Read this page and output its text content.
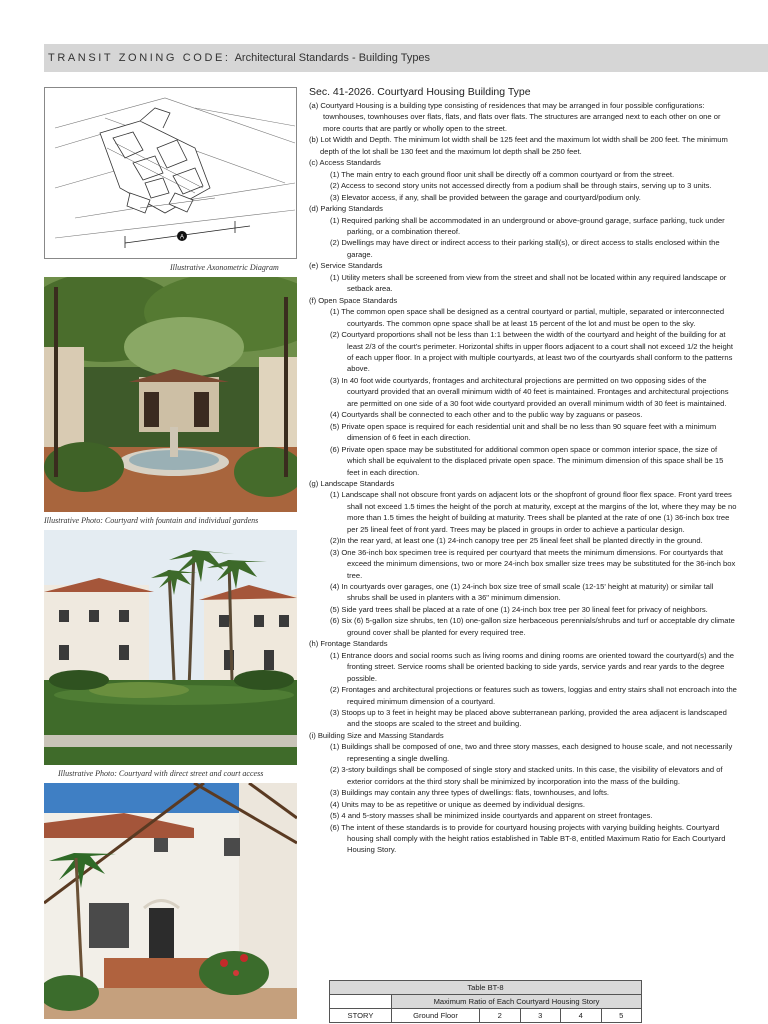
TRANSIT ZONING CODE: Architectural Standards - Building Types
A
Illustrative Axonometric Diagram
Illustrative Photo: Courtyard with fountain and individual gardens
Illustrative Photo: Courtyard with direct street and court access
Sec. 41-2026. Courtyard Housing Building Type
(a) Courtyard Housing is a building type consisting of residences that may be arranged in four possible configurations: townhouses, townhouses over flats, flats, and flats over flats. The structures are arranged next to each other on one or more courts that are partly or wholly open to the street.
(b) Lot Width and Depth. The minimum lot width shall be 125 feet and the maximum lot width shall be 200 feet. The minimum depth of the lot shall be 130 feet and the maximum lot depth shall be 250 feet.
(c) Access Standards
(1) The main entry to each ground floor unit shall be directly off a common courtyard or from the street.
(2) Access to second story units not accessed directly from a podium shall be through stairs, serving up to 3 units.
(3) Elevator access, if any, shall be provided between the garage and courtyard/podium only.
(d) Parking Standards
(1) Required parking shall be accommodated in an underground or above-ground garage, surface parking, tuck under parking, or a combination thereof.
(2) Dwellings may have direct or indirect access to their parking stall(s), or direct access to stalls enclosed within the garage.
(e) Service Standards
(1) Utility meters shall be screened from view from the street and shall not be located within any required landscape or setback area.
(f) Open Space Standards
(1) The common open space shall be designed as a central courtyard or partial, multiple, separated or interconnected courtyards. The common opne space shall be at least 15 percent of the lot and must be open to the sky.
(2) Courtyard proportions shall not be less than 1:1 between the width of the courtyard and height of the building for at least 2/3 of the court's perimeter. Horizontal shifts in upper floors adjacent to a court shall not exceed 1/2 the height of each upper floor. In a project with multiple courtyards, at least two of the courtyards shall conform to the patterns above.
(3) In 40 foot wide courtyards, frontages and architectural projections are permitted on two opposing sides of the courtyard provided that an overall minimum width of 40 feet is maintained. Frontages and architectural projections are permitted on one side of a 30 foot wide courtyard provided an overall minimum width of 30 feet is maintained.
(4) Courtyards shall be connected to each other and to the public way by zaguans or paseos.
(5) Private open space is required for each residential unit and shall be no less than 90 square feet with a minimum dimension of 6 feet in each direction.
(6) Private open space may be substituted for additional common open space or common interior space, the size of which shall be equivalent to the displaced private open space. The minimum dimension of this space shall be 15 feet in each direction.
(g) Landscape Standards
(1) Landscape shall not obscure front yards on adjacent lots or the shopfront of ground floor flex space. Front yard trees shall not exceed 1.5 times the height of the porch at maturity, except at the margins of the lot, where they may be no more than 1.5 times the height of building at maturity. Trees shall be planted at the rate of one (1) 36-inch box tree per 25 lineal feet of front yard. Trees may be placed in groups in order to achieve a particular design.
(2)In the rear yard, at least one (1) 24-inch canopy tree per 25 lineal feet shall be planted directly in the ground.
(3) One 36-inch box specimen tree is required per courtyard that meets the minimum dimensions. For courtyards that exceed the minimum dimensions, two or more 24-inch box smaller size trees may be substituted for the 36-inch box tree.
(4) In courtyards over garages, one (1) 24-inch box size tree of small scale (12-15' height at maturity) or similar tall shrubs shall be used in planters with a 36" minimum dimension.
(5) Side yard trees shall be placed at a rate of one (1) 24-inch box tree per 30 lineal feet for privacy of neighbors.
(6) Six (6) 5-gallon size shrubs, ten (10) one-gallon size herbaceous perennials/shrubs and turf or acceptable dry climate ground cover shall be planted for every required tree.
(h) Frontage Standards
(1) Entrance doors and social rooms such as living rooms and dining rooms are oriented toward the courtyard(s) and the fronting street. Service rooms shall be oriented backing to side yards, service yards and rear yards to the degree possible.
(2) Frontages and architectural projections or features such as towers, loggias and entry stairs shall not encroach into the required minimum dimension of a courtyard.
(3) Stoops up to 3 feet in height may be placed above subterranean parking, provided the area adjacent is landscaped and the stoops are scaled to the street and building.
(i) Building Size and Massing Standards
(1) Buildings shall be composed of one, two and three story masses, each designed to house scale, and not necessarily representing a single dwelling.
(2) 3-story buildings shall be composed of single story and stacked units. In this case, the visibility of elevators and of exterior corridors at the third story shall be minimized by incorporation into the mass of the building.
(3) Buildings may contain any three types of dwellings: flats, townhouses, and lofts.
(4) Units may to be as repetitive or unique as deemed by individual designs.
(5) 4 and 5-story masses shall be minimized inside courtyards and apparent on street frontages.
(6) The intent of these standards is to provide for courtyard housing projects with varying building heights. Courtyard housing shall comply with the height ratios established in Table BT-8, entitled Maximum Ratio for Each Courtyard Housing Story.
Table BT-8					
	Maximum Ratio of Each Courtyard Housing Story				
STORY	Ground Floor	2	3	4	5
